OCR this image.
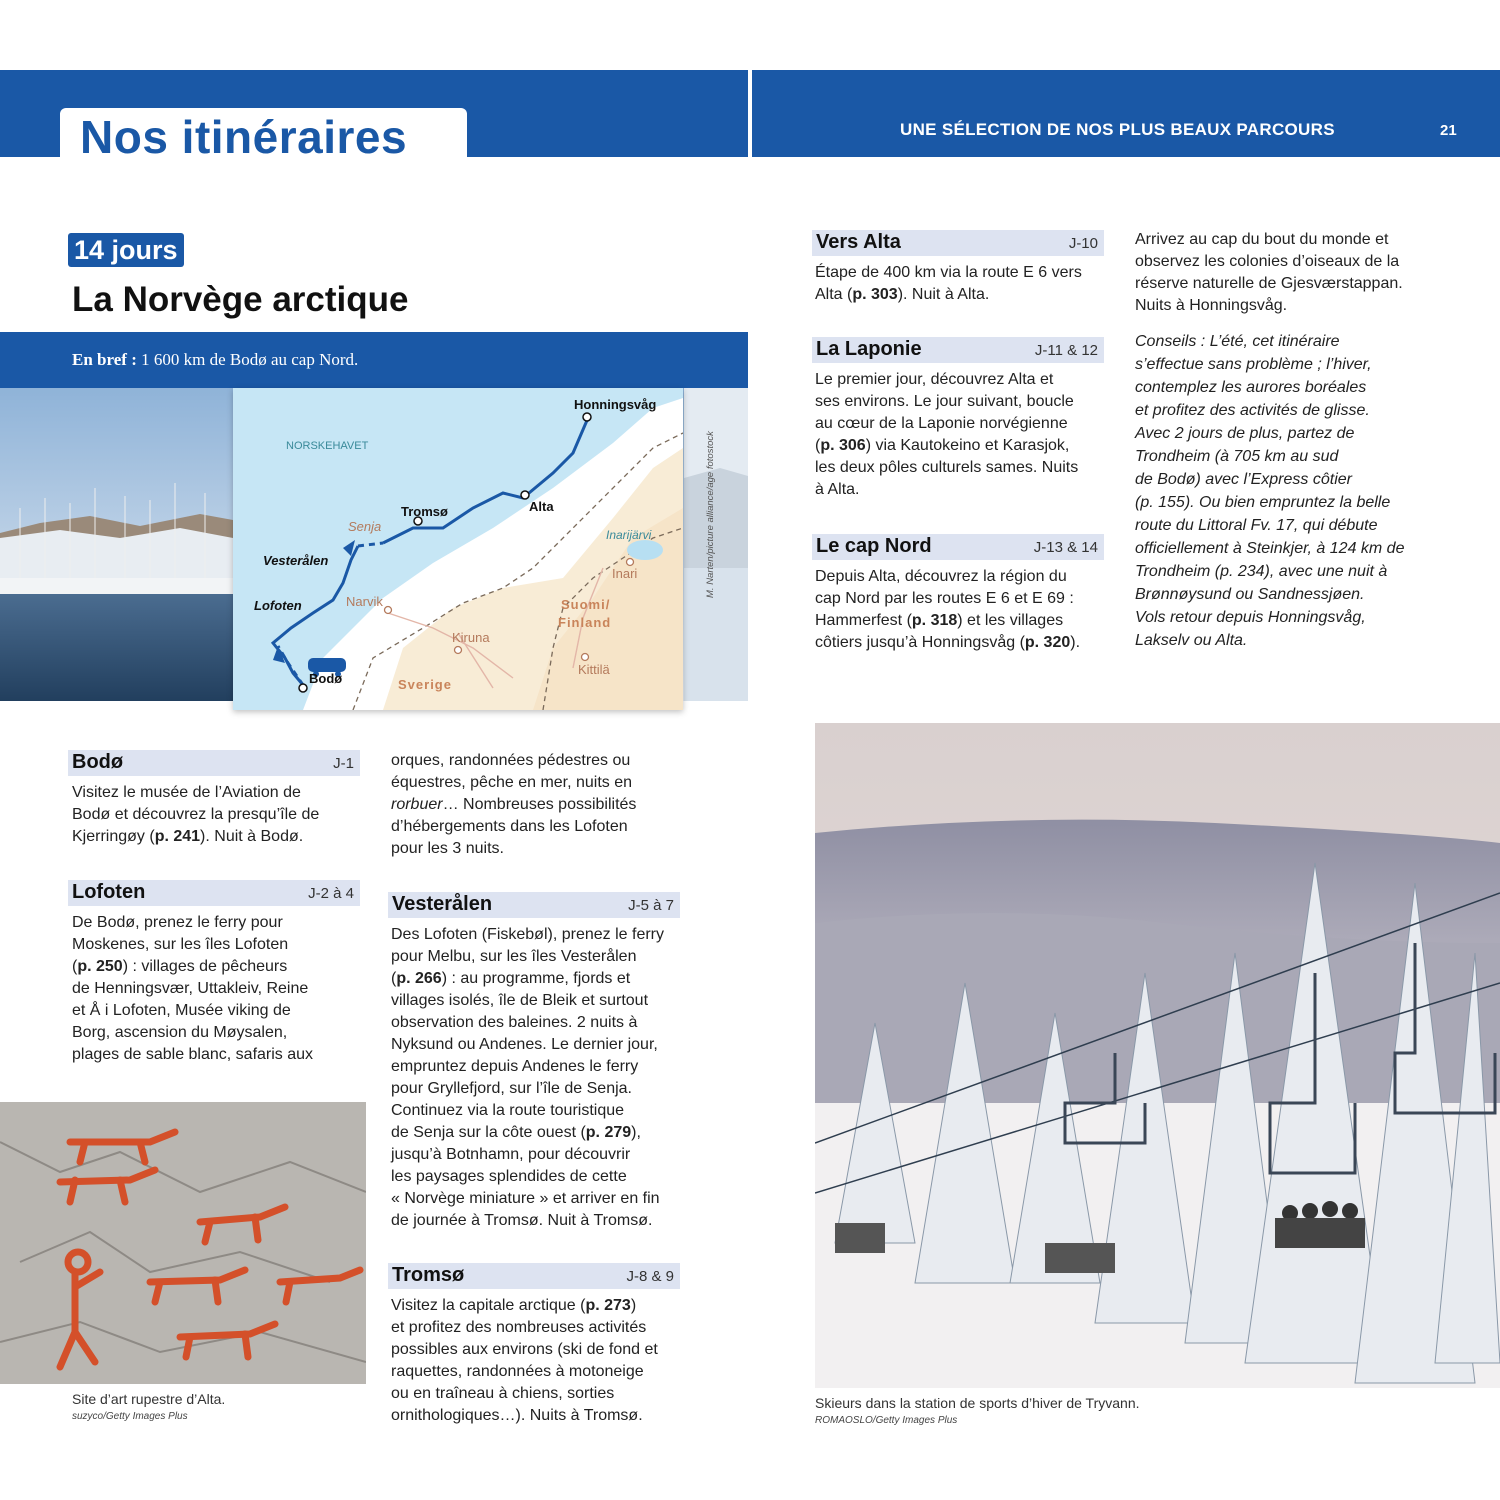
Nos itinéraires	UNE SÉLECTION DE NOS PLUS BEAUX PARCOURS	21
14 jours
La Norvège arctique
En bref : 1 600 km de Bodø au cap Nord.
NORSKEHAVET
Honningsvåg
Tromsø	Alta
Vesterålen
Lofoten
Bodø
Senja
Narvik
Kiruna
Inari
Kittilä
Inarijärvi
Suomi/
Finland
Sverige
M. Narten/picture alliance/age fotostock
Bodø	J-1
Visitez le musée de l’Aviation de
Bodø et découvrez la presqu’île de
Kjerringøy (p. 241). Nuit à Bodø.
Lofoten	J-2 à 4
De Bodø, prenez le ferry pour
Moskenes, sur les îles Lofoten
(p. 250) : villages de pêcheurs
de Henningsvær, Uttakleiv, Reine
et Å i Lofoten, Musée viking de
Borg, ascension du Møysalen,
plages de sable blanc, safaris aux
Site d’art rupestre d’Alta.
suzyco/Getty Images Plus
orques, randonnées pédestres ou
équestres, pêche en mer, nuits en
rorbuer… Nombreuses possibilités
d’hébergements dans les Lofoten
pour les 3 nuits.
Vesterålen	J-5 à 7
Des Lofoten (Fiskebøl), prenez le ferry
pour Melbu, sur les îles Vesterålen
(p. 266) : au programme, fjords et
villages isolés, île de Bleik et surtout
observation des baleines. 2 nuits à
Nyksund ou Andenes. Le dernier jour,
empruntez depuis Andenes le ferry
pour Gryllefjord, sur l’île de Senja.
Continuez via la route touristique
de Senja sur la côte ouest (p. 279),
jusqu’à Botnhamn, pour découvrir
les paysages splendides de cette
« Norvège miniature » et arriver en fin
de journée à Tromsø. Nuit à Tromsø.
Tromsø	J-8 & 9
Visitez la capitale arctique (p. 273)
et profitez des nombreuses activités
possibles aux environs (ski de fond et
raquettes, randonnées à motoneige
ou en traîneau à chiens, sorties
ornithologiques…). Nuits à Tromsø.
Vers Alta	J-10
Étape de 400 km via la route E 6 vers
Alta (p. 303). Nuit à Alta.
La Laponie	J-11 & 12
Le premier jour, découvrez Alta et
ses environs. Le jour suivant, boucle
au cœur de la Laponie norvégienne
(p. 306) via Kautokeino et Karasjok,
les deux pôles culturels sames. Nuits
à Alta.
Le cap Nord	J-13 & 14
Depuis Alta, découvrez la région du
cap Nord par les routes E 6 et E 69 :
Hammerfest (p. 318) et les villages
côtiers jusqu’à Honningsvåg (p. 320).
Arrivez au cap du bout du monde et
observez les colonies d’oiseaux de la
réserve naturelle de Gjesværstappan.
Nuits à Honningsvåg.
Conseils : L’été, cet itinéraire
s’effectue sans problème ; l’hiver,
contemplez les aurores boréales
et profitez des activités de glisse.
Avec 2 jours de plus, partez de
Trondheim (à 705 km au sud
de Bodø) avec l’Express côtier
(p. 155). Ou bien empruntez la belle
route du Littoral Fv. 17, qui débute
officiellement à Steinkjer, à 124 km de
Trondheim (p. 234), avec une nuit à
Brønnøysund ou Sandnessjøen.
Vols retour depuis Honningsvåg,
Lakselv ou Alta.
Skieurs dans la station de sports d’hiver de Tryvann.
ROMAOSLO/Getty Images Plus
